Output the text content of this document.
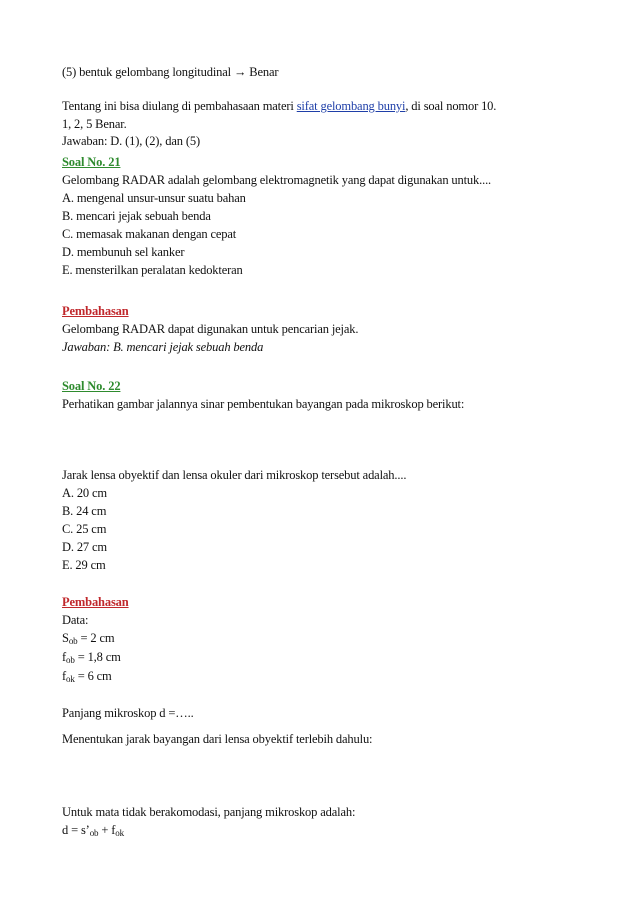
(5) bentuk gelombang longitudinal → Benar
Tentang ini bisa diulang di pembahasaan materi sifat gelombang bunyi, di soal nomor 10.
1, 2, 5 Benar.
Jawaban: D. (1), (2), dan (5)
Soal No. 21
Gelombang RADAR adalah gelombang elektromagnetik yang dapat digunakan untuk....
A. mengenal unsur-unsur suatu bahan
B. mencari jejak sebuah benda
C. memasak makanan dengan cepat
D. membunuh sel kanker
E. mensterilkan peralatan kedokteran
Pembahasan
Gelombang RADAR dapat digunakan untuk pencarian jejak.
Jawaban: B. mencari jejak sebuah benda
Soal No. 22
Perhatikan gambar jalannya sinar pembentukan bayangan pada mikroskop berikut:
Jarak lensa obyektif dan lensa okuler dari mikroskop tersebut adalah....
A. 20 cm
B. 24 cm
C. 25 cm
D. 27 cm
E. 29 cm
Pembahasan
Data:
$S_{ob} = 2$ cm
$f_{ob} = 1,8$ cm
$f_{ok} = 6$ cm
Panjang mikroskop d =…..
Menentukan jarak bayangan dari lensa obyektif terlebih dahulu:
Untuk mata tidak berakomodasi, panjang mikroskop adalah:
$d = s’_{ob} + f_{ok}$
